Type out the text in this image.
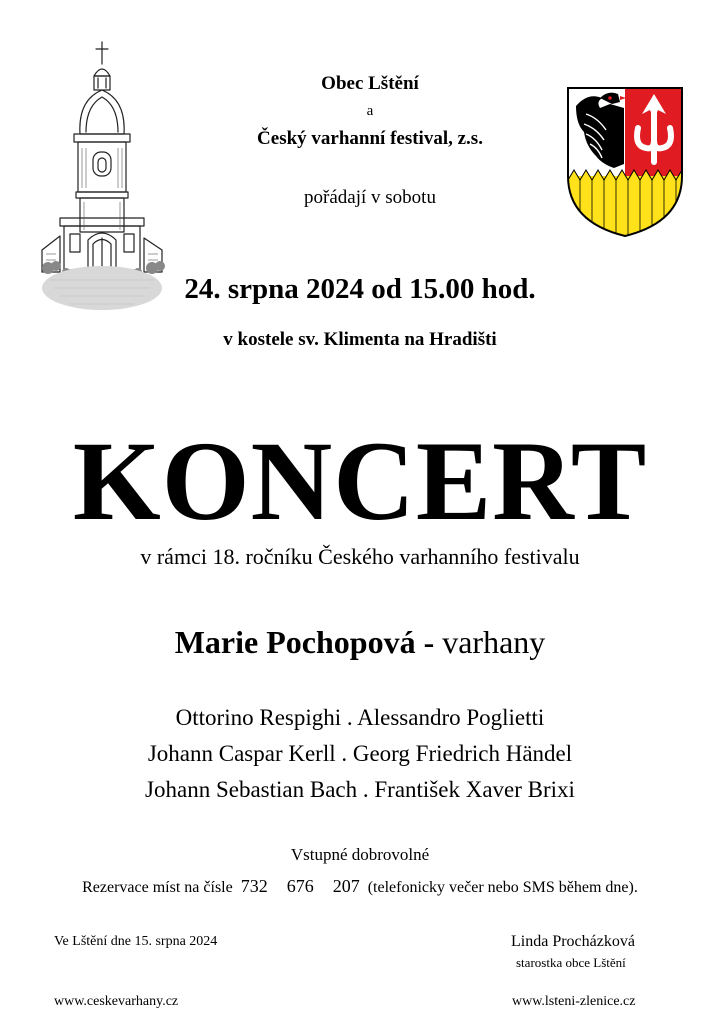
Obec Lštění
a
Český varhanní festival, z.s.
pořádají v sobotu
24. srpna 2024 od 15.00 hod.
v kostele sv. Klimenta na Hradišti
KONCERT
v rámci 18. ročníku Českého varhanního festivalu
Marie Pochopová - varhany
Ottorino Respighi . Alessandro Poglietti
Johann Caspar Kerll . Georg Friedrich Händel
Johann Sebastian Bach . František Xaver Brixi
Vstupné dobrovolné
Rezervace míst na čísle 732  676  207 (telefonicky večer nebo SMS během dne).
Ve Lštění dne 15. srpna 2024	Linda Procházková
starostka obce Lštění
www.ceskevarhany.cz	www.lsteni-zlenice.cz
